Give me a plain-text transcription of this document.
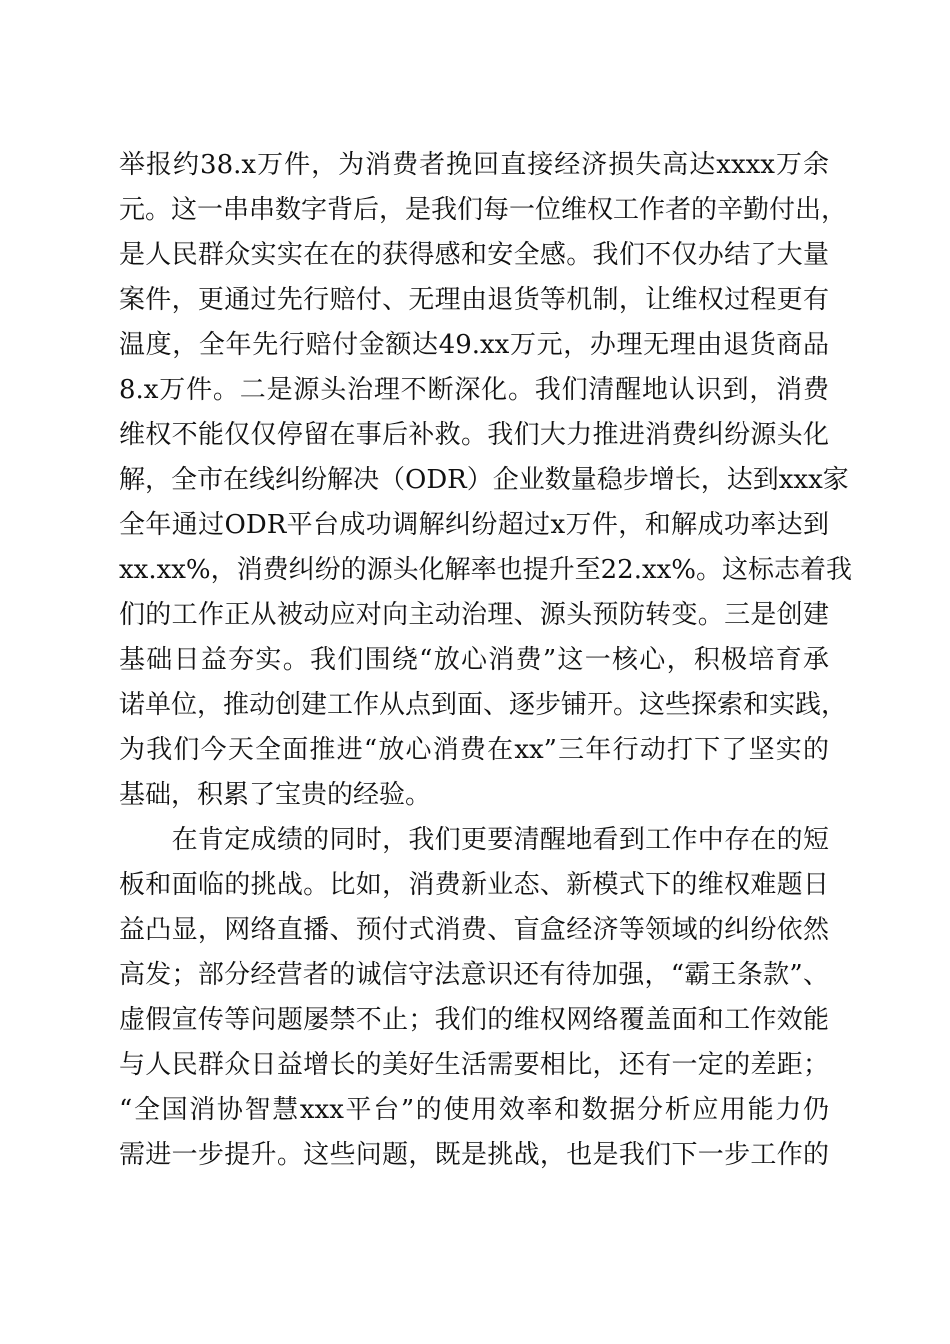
举报约38.x万件，为消费者挽回直接经济损失高达xxxx万余
元。这一串串数字背后，是我们每一位维权工作者的辛勤付出，
是人民群众实实在在的获得感和安全感。我们不仅办结了大量
案件，更通过先行赔付、无理由退货等机制，让维权过程更有
温度，全年先行赔付金额达49.xx万元，办理无理由退货商品
8.x万件。二是源头治理不断深化。我们清醒地认识到，消费
维权不能仅仅停留在事后补救。我们大力推进消费纠纷源头化
解，全市在线纠纷解决（ODR）企业数量稳步增长，达到xxx家
全年通过ODR平台成功调解纠纷超过x万件，和解成功率达到
xx.xx%，消费纠纷的源头化解率也提升至22.xx%。这标志着我
们的工作正从被动应对向主动治理、源头预防转变。三是创建
基础日益夯实。我们围绕“放心消费”这一核心，积极培育承
诺单位，推动创建工作从点到面、逐步铺开。这些探索和实践，
为我们今天全面推进“放心消费在xx”三年行动打下了坚实的
基础，积累了宝贵的经验。
　　在肯定成绩的同时，我们更要清醒地看到工作中存在的短
板和面临的挑战。比如，消费新业态、新模式下的维权难题日
益凸显，网络直播、预付式消费、盲盒经济等领域的纠纷依然
高发；部分经营者的诚信守法意识还有待加强，“霸王条款”、
虚假宣传等问题屡禁不止；我们的维权网络覆盖面和工作效能
与人民群众日益增长的美好生活需要相比，还有一定的差距；
“全国消协智慧xxx平台”的使用效率和数据分析应用能力仍
需进一步提升。这些问题，既是挑战，也是我们下一步工作的
